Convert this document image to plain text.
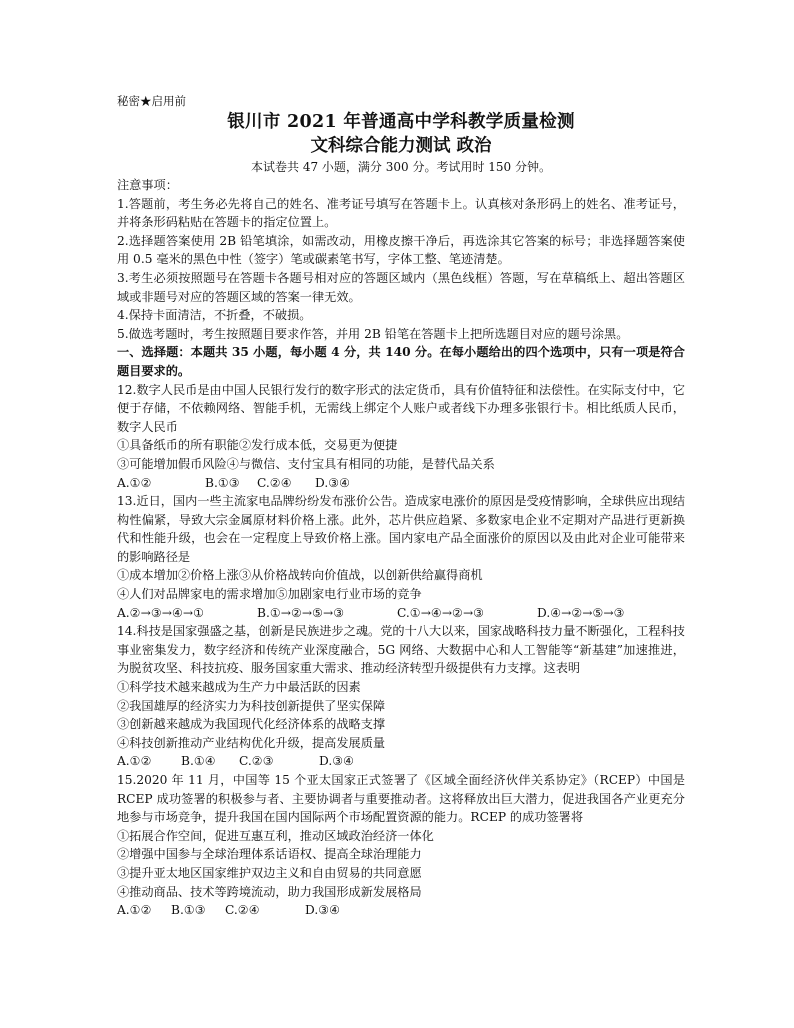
秘密★启用前

银川市 2021 年普通高中学科教学质量检测

文科综合能力测试 政治

本试卷共 47 小题，满分 300 分。考试用时 150 分钟。

注意事项：

1.答题前，考生务必先将自己的姓名、准考证号填写在答题卡上。认真核对条形码上的姓名、准考证号，并将条形码粘贴在答题卡的指定位置上。

2.选择题答案使用 2B 铅笔填涂，如需改动，用橡皮擦干净后，再选涂其它答案的标号；非选择题答案使用 0.5 毫米的黑色中性（签字）笔或碳素笔书写，字体工整、笔迹清楚。

3.考生必须按照题号在答题卡各题号相对应的答题区域内（黑色线框）答题，写在草稿纸上、超出答题区域或非题号对应的答题区域的答案一律无效。

4.保持卡面清洁，不折叠，不破损。

5.做选考题时，考生按照题目要求作答，并用 2B 铅笔在答题卡上把所选题目对应的题号涂黑。

一、选择题：本题共 35 小题，每小题 4 分，共 140 分。在每小题给出的四个选项中，只有一项是符合题目要求的。

12.数字人民币是由中国人民银行发行的数字形式的法定货币，具有价值特征和法偿性。在实际支付中，它便于存储，不依赖网络、智能手机，无需线上绑定个人账户或者线下办理多张银行卡。相比纸质人民币，数字人民币

①具备纸币的所有职能②发行成本低，交易更为便捷

③可能增加假币风险④与微信、支付宝具有相同的功能，是替代品关系

A.①②	B.①③ C.②④ D.③④

13.近日，国内一些主流家电品牌纷纷发布涨价公告。造成家电涨价的原因是受疫情影响，全球供应出现结构性偏紧，导致大宗金属原材料价格上涨。此外，芯片供应趋紧、多数家电企业不定期对产品进行更新换代和性能升级，也会在一定程度上导致价格上涨。国内家电产品全面涨价的原因以及由此对企业可能带来的影响路径是

①成本增加②价格上涨③从价格战转向价值战，以创新供给赢得商机

④人们对品牌家电的需求增加⑤加剧家电行业市场的竞争

A.②→③→④→①	B.①→②→⑤→③	C.①→④→②→③	D.④→②→⑤→③

14.科技是国家强盛之基，创新是民族进步之魂。党的十八大以来，国家战略科技力量不断强化，工程科技事业密集发力，数字经济和传统产业深度融合，5G 网络、大数据中心和人工智能等“新基建”加速推进，为脱贫攻坚、科技抗疫、服务国家重大需求、推动经济转型升级提供有力支撑。这表明

①科学技术越来越成为生产力中最活跃的因素

②我国雄厚的经济实力为科技创新提供了坚实保障

③创新越来越成为我国现代化经济体系的战略支撑

④科技创新推动产业结构优化升级，提高发展质量

A.①② B.①④ C.②③	D.③④

15.2020 年 11 月，中国等 15 个亚太国家正式签署了《区域全面经济伙伴关系协定》（RCEP）中国是 RCEP 成功签署的积极参与者、主要协调者与重要推动者。这将释放出巨大潜力，促进我国各产业更充分地参与市场竞争，提升我国在国内国际两个市场配置资源的能力。RCEP 的成功签署将

①拓展合作空间，促进互惠互利，推动区域政治经济一体化

②增强中国参与全球治理体系话语权、提高全球治理能力

③提升亚太地区国家维护双边主义和自由贸易的共同意愿

④推动商品、技术等跨境流动，助力我国形成新发展格局

A.①② B.①③ C.②④	D.③④
